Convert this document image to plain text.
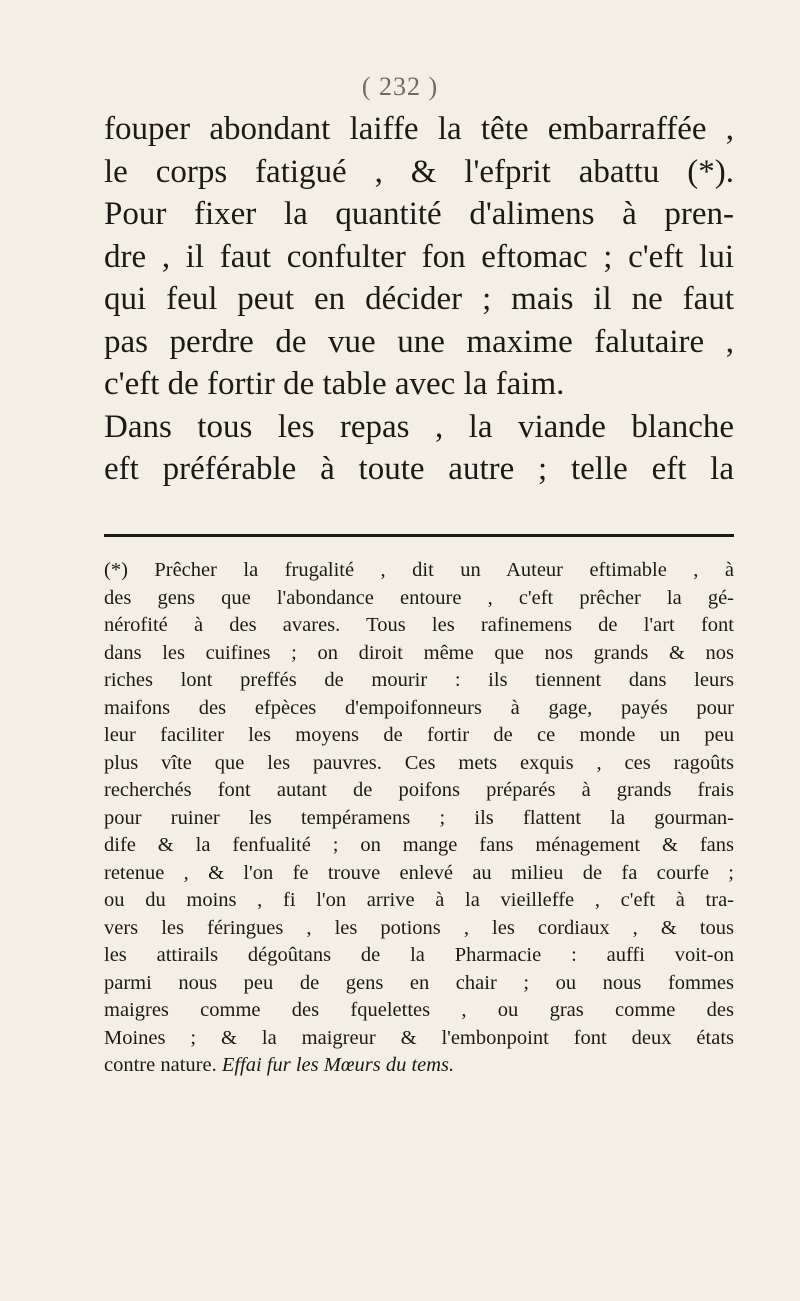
( 232 )
fouper abondant laiffe la tête embarraffée ,
le corps fatigué , & l'efprit abattu (*).
Pour fixer la quantité d'alimens à pren-
dre , il faut confulter fon eftomac ; c'eft lui
qui feul peut en décider ; mais il ne faut
pas perdre de vue une maxime falutaire ,
c'eft de fortir de table avec la faim.
Dans tous les repas , la viande blanche
eft préférable à toute autre ; telle eft la
(*) Prêcher la frugalité , dit un Auteur eftimable , à
des gens que l'abondance entoure , c'eft prêcher la gé-
nérofité à des avares. Tous les rafinemens de l'art font
dans les cuifines ; on diroit même que nos grands & nos
riches lont preffés de mourir : ils tiennent dans leurs
maifons des efpèces d'empoifonneurs à gage, payés pour
leur faciliter les moyens de fortir de ce monde un peu
plus vîte que les pauvres. Ces mets exquis , ces ragoûts
recherchés font autant de poifons préparés à grands frais
pour ruiner les tempéramens ; ils flattent la gourman-
dife & la fenfualité ; on mange fans ménagement & fans
retenue , & l'on fe trouve enlevé au milieu de fa courfe ;
ou du moins , fi l'on arrive à la vieilleffe , c'eft à tra-
vers les féringues , les potions , les cordiaux , & tous
les attirails dégoûtans de la Pharmacie : auffi voit-on
parmi nous peu de gens en chair ; ou nous fommes
maigres comme des fquelettes , ou gras comme des
Moines ; & la maigreur & l'embonpoint font deux états
contre nature. Effai fur les Mœurs du tems.
